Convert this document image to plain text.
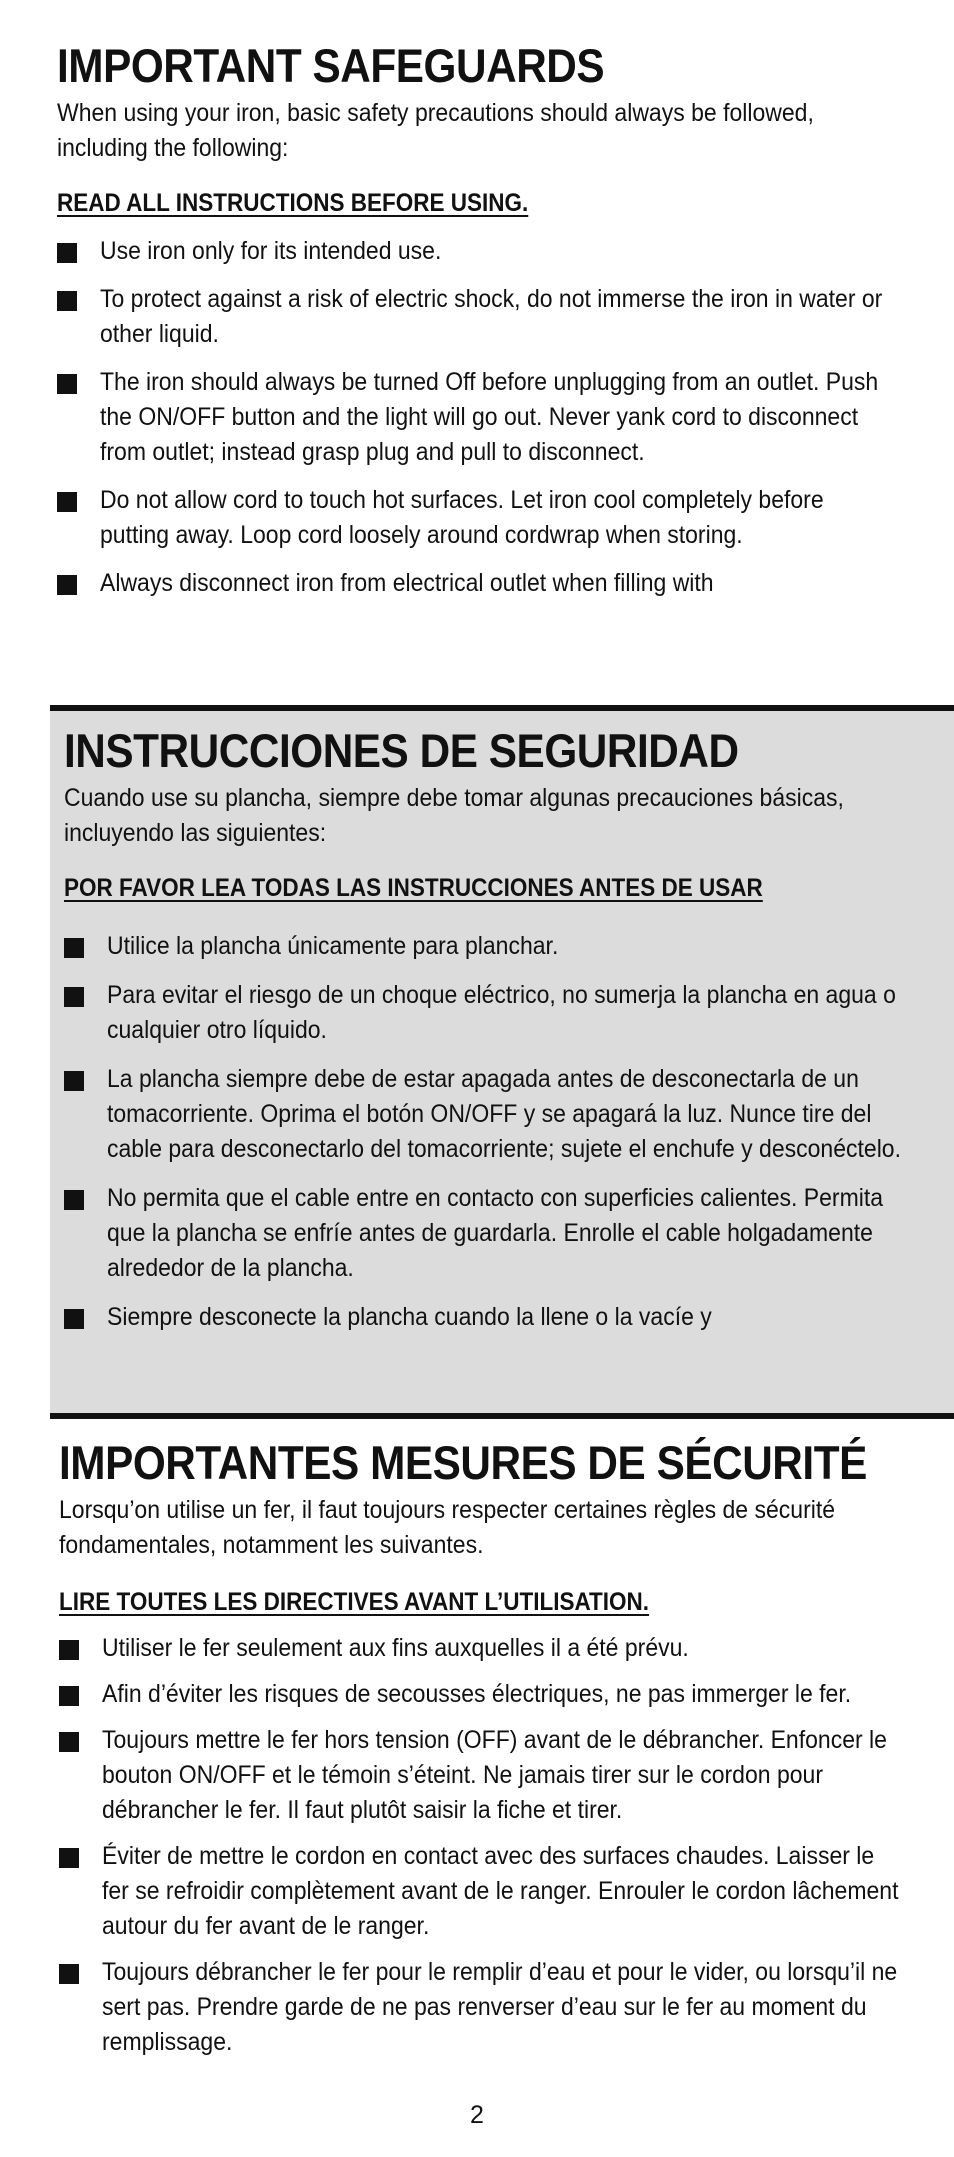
IMPORTANT SAFEGUARDS

When using your iron, basic safety precautions should always be followed, including the following:

READ ALL INSTRUCTIONS BEFORE USING.

Use iron only for its intended use.
To protect against a risk of electric shock, do not immerse the iron in water or other liquid.
The iron should always be turned Off before unplugging from an outlet. Push the ON/OFF button and the light will go out. Never yank cord to disconnect from outlet; instead grasp plug and pull to disconnect.
Do not allow cord to touch hot surfaces. Let iron cool completely before putting away. Loop cord loosely around cordwrap when storing.
Always disconnect iron from electrical outlet when filling with
INSTRUCCIONES DE SEGURIDAD

Cuando use su plancha, siempre debe tomar algunas precauciones básicas, incluyendo las siguientes:

POR FAVOR LEA TODAS LAS INSTRUCCIONES ANTES DE USAR

Utilice la plancha únicamente para planchar.
Para evitar el riesgo de un choque eléctrico, no sumerja la plancha en agua o cualquier otro líquido.
La plancha siempre debe de estar apagada antes de desconectarla de un tomacorriente. Oprima el botón ON/OFF y se apagará la luz. Nunce tire del cable para desconectarlo del tomacorriente; sujete el enchufe y desconéctelo.
No permita que el cable entre en contacto con superficies calientes. Permita que la plancha se enfríe antes de guardarla. Enrolle el cable holgadamente alrededor de la plancha.
Siempre desconecte la plancha cuando la llene o la vacíe y
IMPORTANTES MESURES DE SÉCURITÉ

Lorsqu’on utilise un fer, il faut toujours respecter certaines règles de sécurité fondamentales, notamment les suivantes.

LIRE TOUTES LES DIRECTIVES AVANT L’UTILISATION.

Utiliser le fer seulement aux fins auxquelles il a été prévu.
Afin d’éviter les risques de secousses électriques, ne pas immerger le fer.
Toujours mettre le fer hors tension (OFF) avant de le débrancher. Enfoncer le bouton ON/OFF et le témoin s’éteint. Ne jamais tirer sur le cordon pour débrancher le fer. Il faut plutôt saisir la fiche et tirer.
Éviter de mettre le cordon en contact avec des surfaces chaudes. Laisser le fer se refroidir complètement avant de le ranger. Enrouler le cordon lâchement autour du fer avant de le ranger.
Toujours débrancher le fer pour le remplir d’eau et pour le vider, ou lorsqu’il ne sert pas. Prendre garde de ne pas renverser d’eau sur le fer au moment du remplissage.
2
